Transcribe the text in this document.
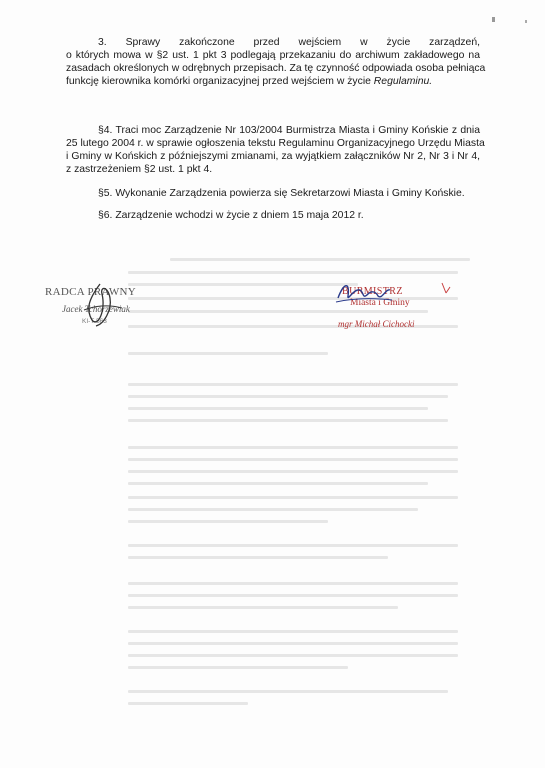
3. Sprawy zakończone przed wejściem w życie zarządzeń,
o których mowa w §2 ust. 1 pkt 3 podlegają przekazaniu do archiwum zakładowego na
zasadach określonych w odrębnych przepisach. Za tę czynność odpowiada osoba pełniąca
funkcję kierownika komórki organizacyjnej przed wejściem w życie Regulaminu.
§4. Traci moc Zarządzenie Nr 103/2004 Burmistrza Miasta i Gminy Końskie z dnia
25 lutego 2004 r. w sprawie ogłoszenia tekstu Regulaminu Organizacyjnego Urzędu Miasta
i Gminy w Końskich z późniejszymi zmianami, za wyjątkiem załączników Nr 2, Nr 3 i Nr 4,
z zastrzeżeniem §2 ust. 1 pkt 4.
§5. Wykonanie Zarządzenia powierza się Sekretarzowi Miasta i Gminy Końskie.
§6. Zarządzenie wchodzi w życie z dniem 15 maja 2012 r.
RADCA PRAWNY
Jacek Tchórzewiak
KI-T-563
BURMISTRZ
Miasta i Gminy
mgr Michał Cichocki
